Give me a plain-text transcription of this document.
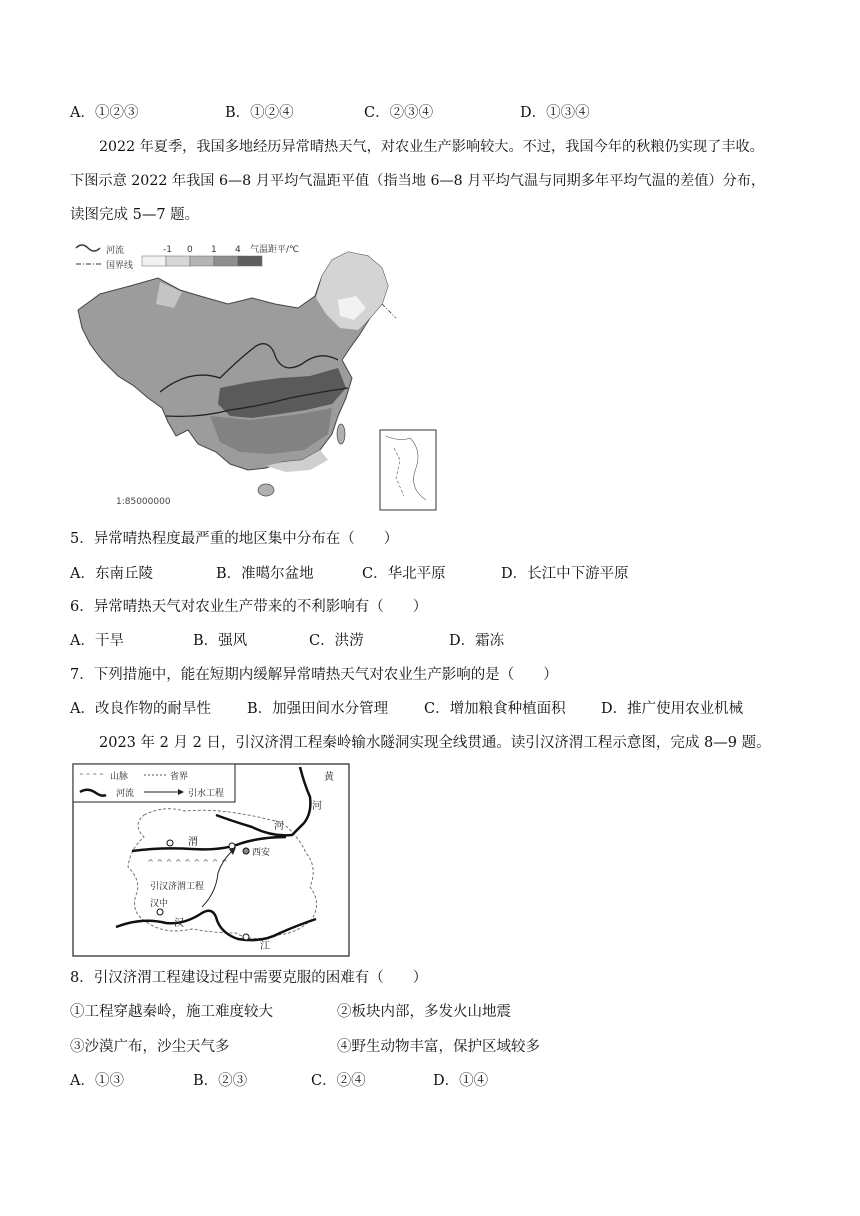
A．①②③	B．①②④	C．②③④	D．①③④
2022 年夏季，我国多地经历异常晴热天气，对农业生产影响较大。不过，我国今年的秋粮仍实现了丰收。
下图示意 2022 年我国 6—8 月平均气温距平值（指当地 6—8 月平均气温与同期多年平均气温的差值）分布，
读图完成 5—7 题。
河流
国界线
-1 0 1 4 气温距平/℃
1:85000000
5．异常晴热程度最严重的地区集中分布在（　　）
A．东南丘陵	B．准噶尔盆地	C．华北平原	D．长江中下游平原
6．异常晴热天气对农业生产带来的不利影响有（　　）
A．干旱	B．强风	C．洪涝	D．霜冻
7．下列措施中，能在短期内缓解异常晴热天气对农业生产影响的是（　　）
A．改良作物的耐旱性 B．加强田间水分管理 C．增加粮食种植面积 D．推广使用农业机械
2023 年 2 月 2 日，引汉济渭工程秦岭输水隧洞实现全线贯通。读引汉济渭工程示意图，完成 8—9 题。
⌃⌃⌃⌃ 山脉	省界
河流	引水工程
黄
河
河
渭
西安
⌃⌃⌃⌃⌃⌃⌃⌃⌃
引汉济渭工程
汉中
汉
江
8．引汉济渭工程建设过程中需要克服的困难有（　　）
①工程穿越秦岭，施工难度较大	②板块内部，多发火山地震
③沙漠广布，沙尘天气多	④野生动物丰富，保护区域较多
A．①③	B．②③	C．②④	D．①④
